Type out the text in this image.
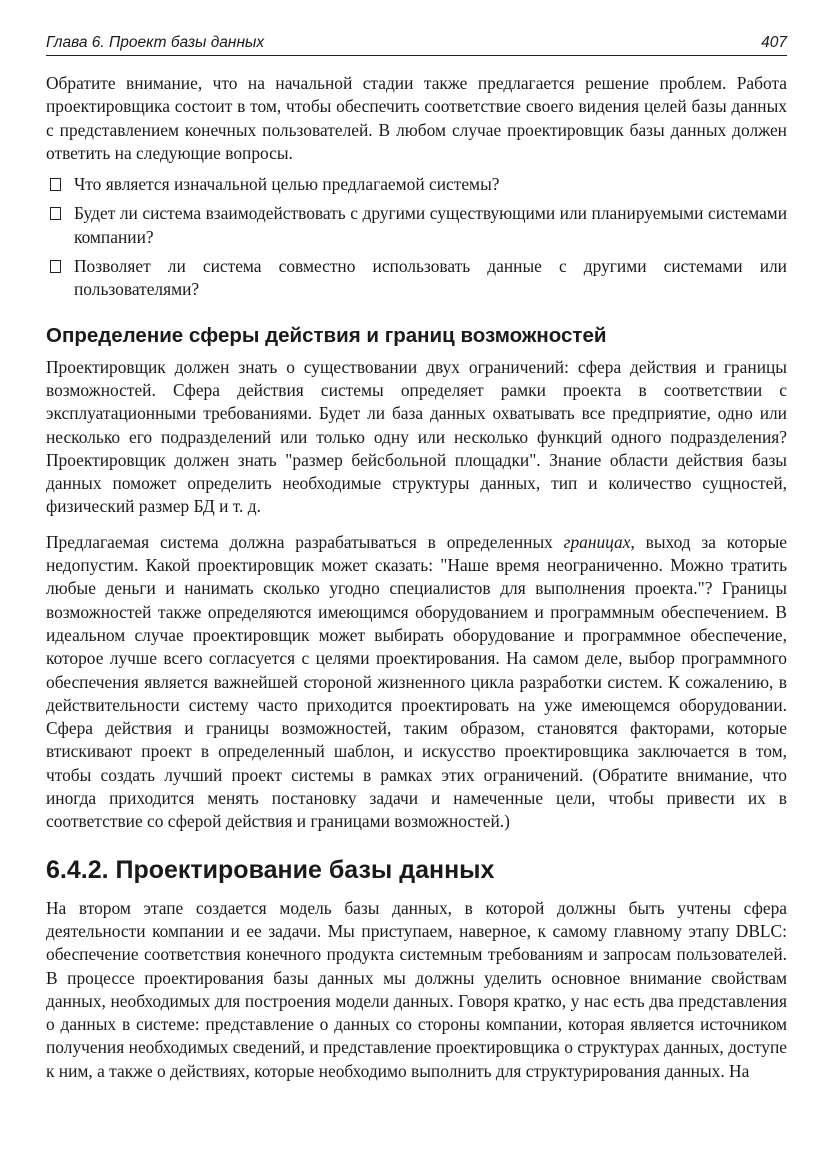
Глава 6. Проект базы данных	407

Обратите внимание, что на начальной стадии также предлагается решение проблем. Работа проектировщика состоит в том, чтобы обеспечить соответствие своего видения целей базы данных с представлением конечных пользователей. В любом случае проектировщик базы данных должен ответить на следующие вопросы.

Что является изначальной целью предлагаемой системы?
Будет ли система взаимодействовать с другими существующими или планируемыми системами компании?
Позволяет ли система совместно использовать данные с другими системами или пользователями?
Определение сферы действия и границ возможностей

Проектировщик должен знать о существовании двух ограничений: сфера действия и границы возможностей. Сфера действия системы определяет рамки проекта в соответствии с эксплуатационными требованиями. Будет ли база данных охватывать все предприятие, одно или несколько его подразделений или только одну или несколько функций одного подразделения? Проектировщик должен знать "размер бейсбольной площадки". Знание области действия базы данных поможет определить необходимые структуры данных, тип и количество сущностей, физический размер БД и т. д.

Предлагаемая система должна разрабатываться в определенных границах, выход за которые недопустим. Какой проектировщик может сказать: "Наше время неограниченно. Можно тратить любые деньги и нанимать сколько угодно специалистов для выполнения проекта."? Границы возможностей также определяются имеющимся оборудованием и программным обеспечением. В идеальном случае проектировщик может выбирать оборудование и программное обеспечение, которое лучше всего согласуется с целями проектирования. На самом деле, выбор программного обеспечения является важнейшей стороной жизненного цикла разработки систем. К сожалению, в действительности систему часто приходится проектировать на уже имеющемся оборудовании. Сфера действия и границы возможностей, таким образом, становятся факторами, которые втискивают проект в определенный шаблон, и искусство проектировщика заключается в том, чтобы создать лучший проект системы в рамках этих ограничений. (Обратите внимание, что иногда приходится менять постановку задачи и намеченные цели, чтобы привести их в соответствие со сферой действия и границами возможностей.)

6.4.2. Проектирование базы данных

На втором этапе создается модель базы данных, в которой должны быть учтены сфера деятельности компании и ее задачи. Мы приступаем, наверное, к самому главному этапу DBLC: обеспечение соответствия конечного продукта системным требованиям и запросам пользователей. В процессе проектирования базы данных мы должны уделить основное внимание свойствам данных, необходимых для построения модели данных. Говоря кратко, у нас есть два представления о данных в системе: представление о данных со стороны компании, которая является источником получения необходимых сведений, и представление проектировщика о структурах данных, доступе к ним, а также о действиях, которые необходимо выполнить для структурирования данных. На
